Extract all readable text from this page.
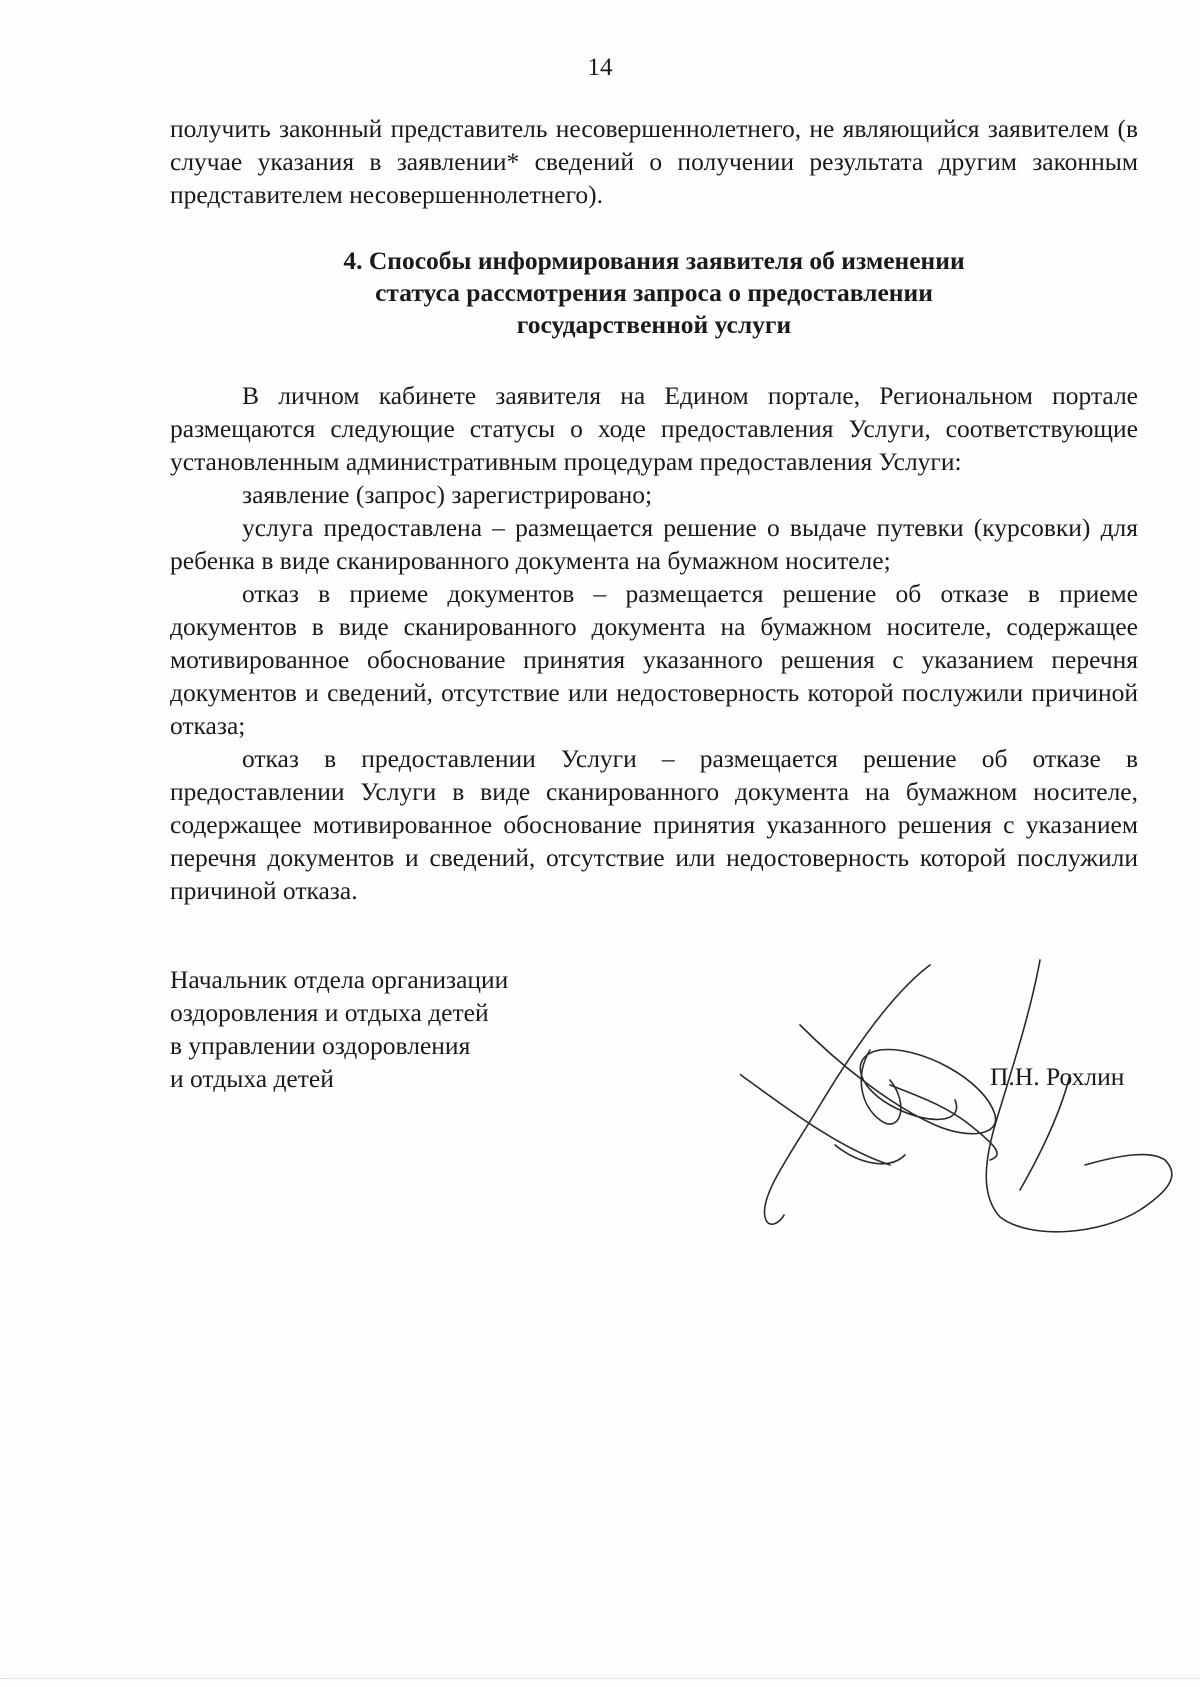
14

получить законный представитель несовершеннолетнего, не являющийся заявителем (в случае указания в заявлении* сведений о получении результата другим законным представителем несовершеннолетнего).

4. Способы информирования заявителя об изменении
статуса рассмотрения запроса о предоставлении
государственной услуги

В личном кабинете заявителя на Едином портале, Региональном портале размещаются следующие статусы о ходе предоставления Услуги, соответствующие установленным административным процедурам предоставления Услуги:

заявление (запрос) зарегистрировано;

услуга предоставлена – размещается решение о выдаче путевки (курсовки) для ребенка в виде сканированного документа на бумажном носителе;

отказ в приеме документов – размещается решение об отказе в приеме документов в виде сканированного документа на бумажном носителе, содержащее мотивированное обоснование принятия указанного решения с указанием перечня документов и сведений, отсутствие или недостоверность которой послужили причиной отказа;

отказ в предоставлении Услуги – размещается решение об отказе в предоставлении Услуги в виде сканированного документа на бумажном носителе, содержащее мотивированное обоснование принятия указанного решения с указанием перечня документов и сведений, отсутствие или недостоверность которой послужили причиной отказа.

Начальник отдела организации
оздоровления и отдыха детей
в управлении оздоровления
и отдыха детей	П.Н. Рохлин
